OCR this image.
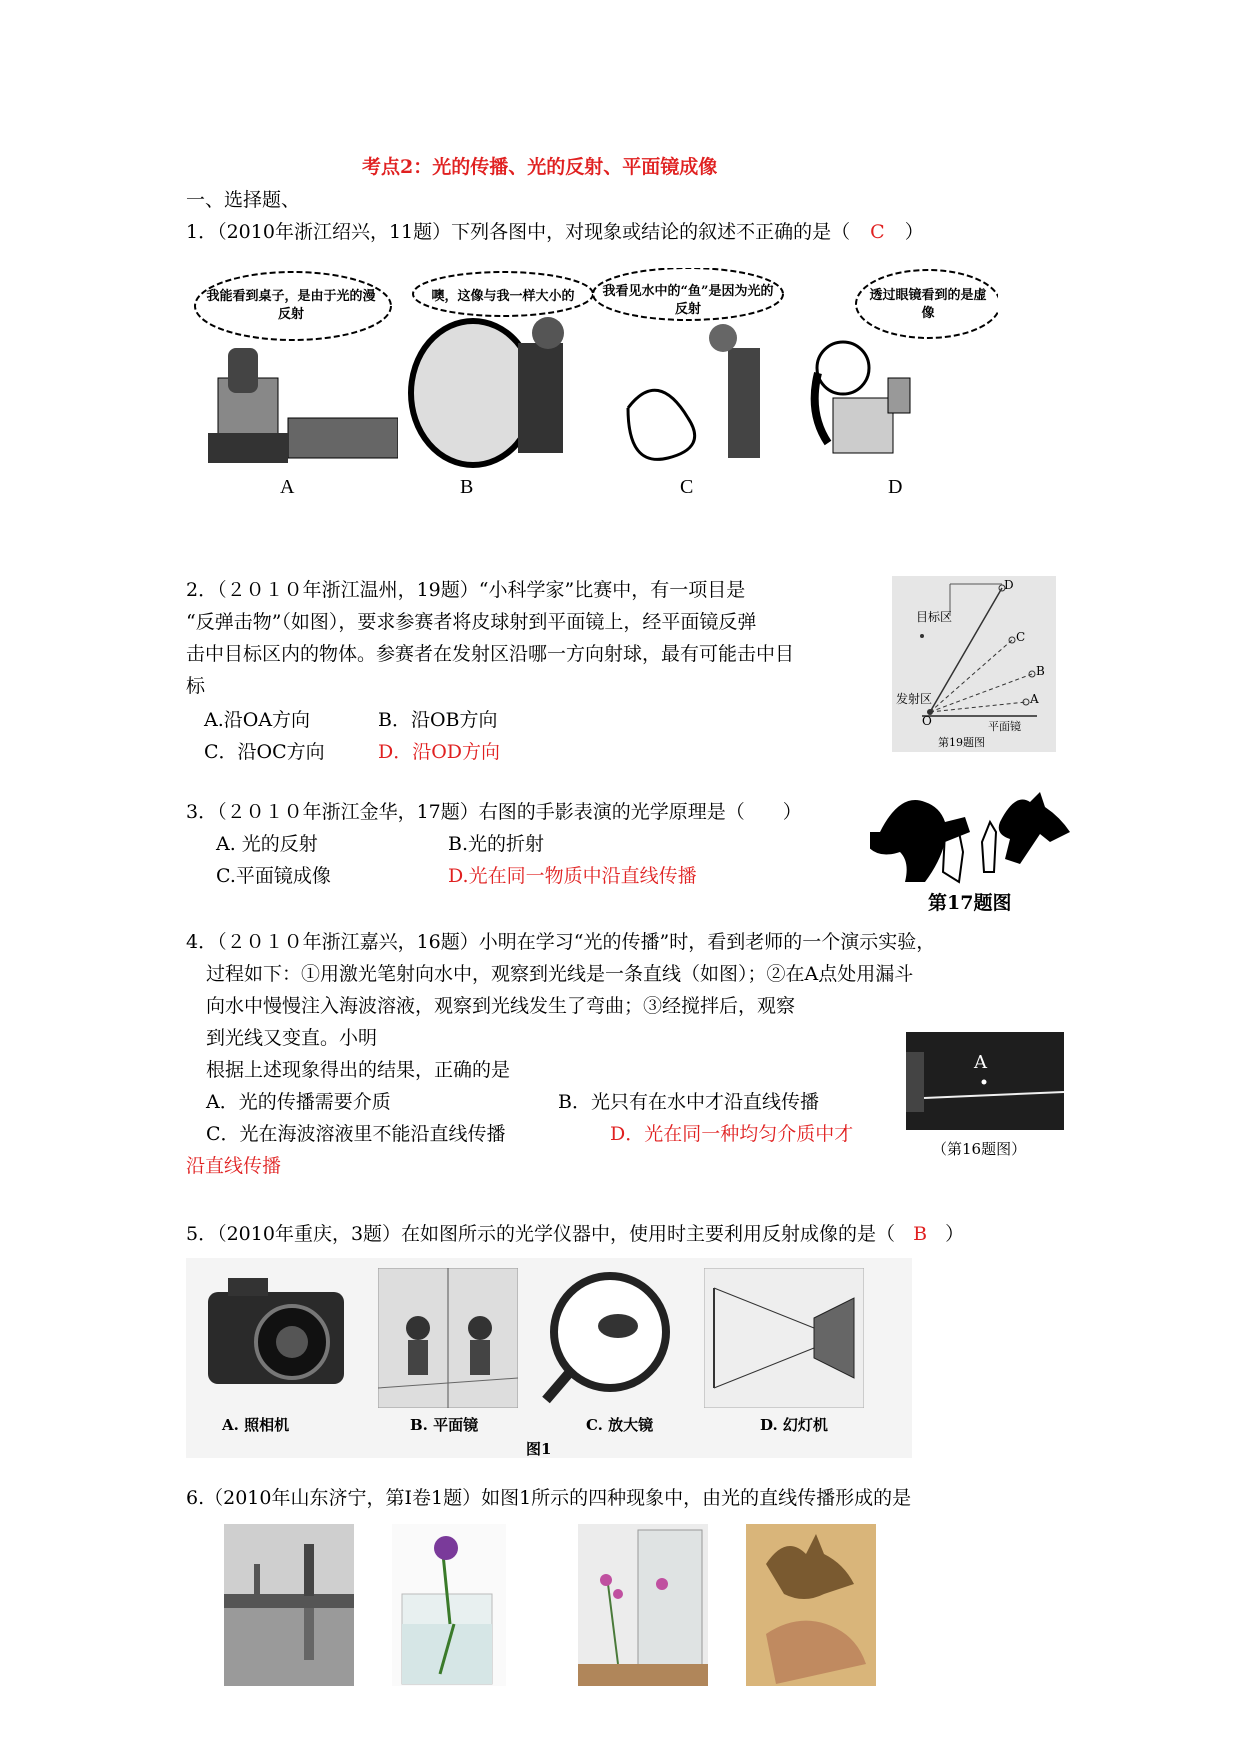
考点2：光的传播、光的反射、平面镜成像
一、选择题、
1．（2010年浙江绍兴，11题）下列各图中，对现象或结论的叙述不正确的是（ C ）
我能看到桌子，是由于光的漫反射
A
噢，这像与我一样大小的
B
我看见水中的“鱼”是因为光的反射
C
透过眼镜看到的是虚像
D
2．（２０１０年浙江温州，19题）“小科学家”比赛中，有一项目是
“反弹击物”（如图），要求参赛者将皮球射到平面镜上，经平面镜反弹
击中目标区内的物体。参赛者在发射区沿哪一方向射球，最有可能击中目
标
A.沿OA方向	B．沿OB方向
C．沿OC方向	D．沿OD方向
目标区
发射区
O
D
C
B
A
平面镜
第19题图
3．（２０１０年浙江金华，17题）右图的手影表演的光学原理是（　　）
A. 光的反射	B.光的折射
C.平面镜成像	D.光在同一物质中沿直线传播
第17题图
4．（２０１０年浙江嘉兴，16题）小明在学习“光的传播”时，看到老师的一个演示实验，
过程如下：①用激光笔射向水中，观察到光线是一条直线（如图）；②在A点处用漏斗
向水中慢慢注入海波溶液，观察到光线发生了弯曲；③经搅拌后，观察
到光线又变直。小明
根据上述现象得出的结果，正确的是
A．光的传播需要介质	B．光只有在水中才沿直线传播
C．光在海波溶液里不能沿直线传播	D．光在同一种均匀介质中才
沿直线传播
A
（第16题图）
5．（2010年重庆，3题）在如图所示的光学仪器中，使用时主要利用反射成像的是（ B ）
A. 照相机	B. 平面镜	C. 放大镜	D. 幻灯机
图1
6.（2010年山东济宁，第Ⅰ卷1题）如图1所示的四种现象中，由光的直线传播形成的是
